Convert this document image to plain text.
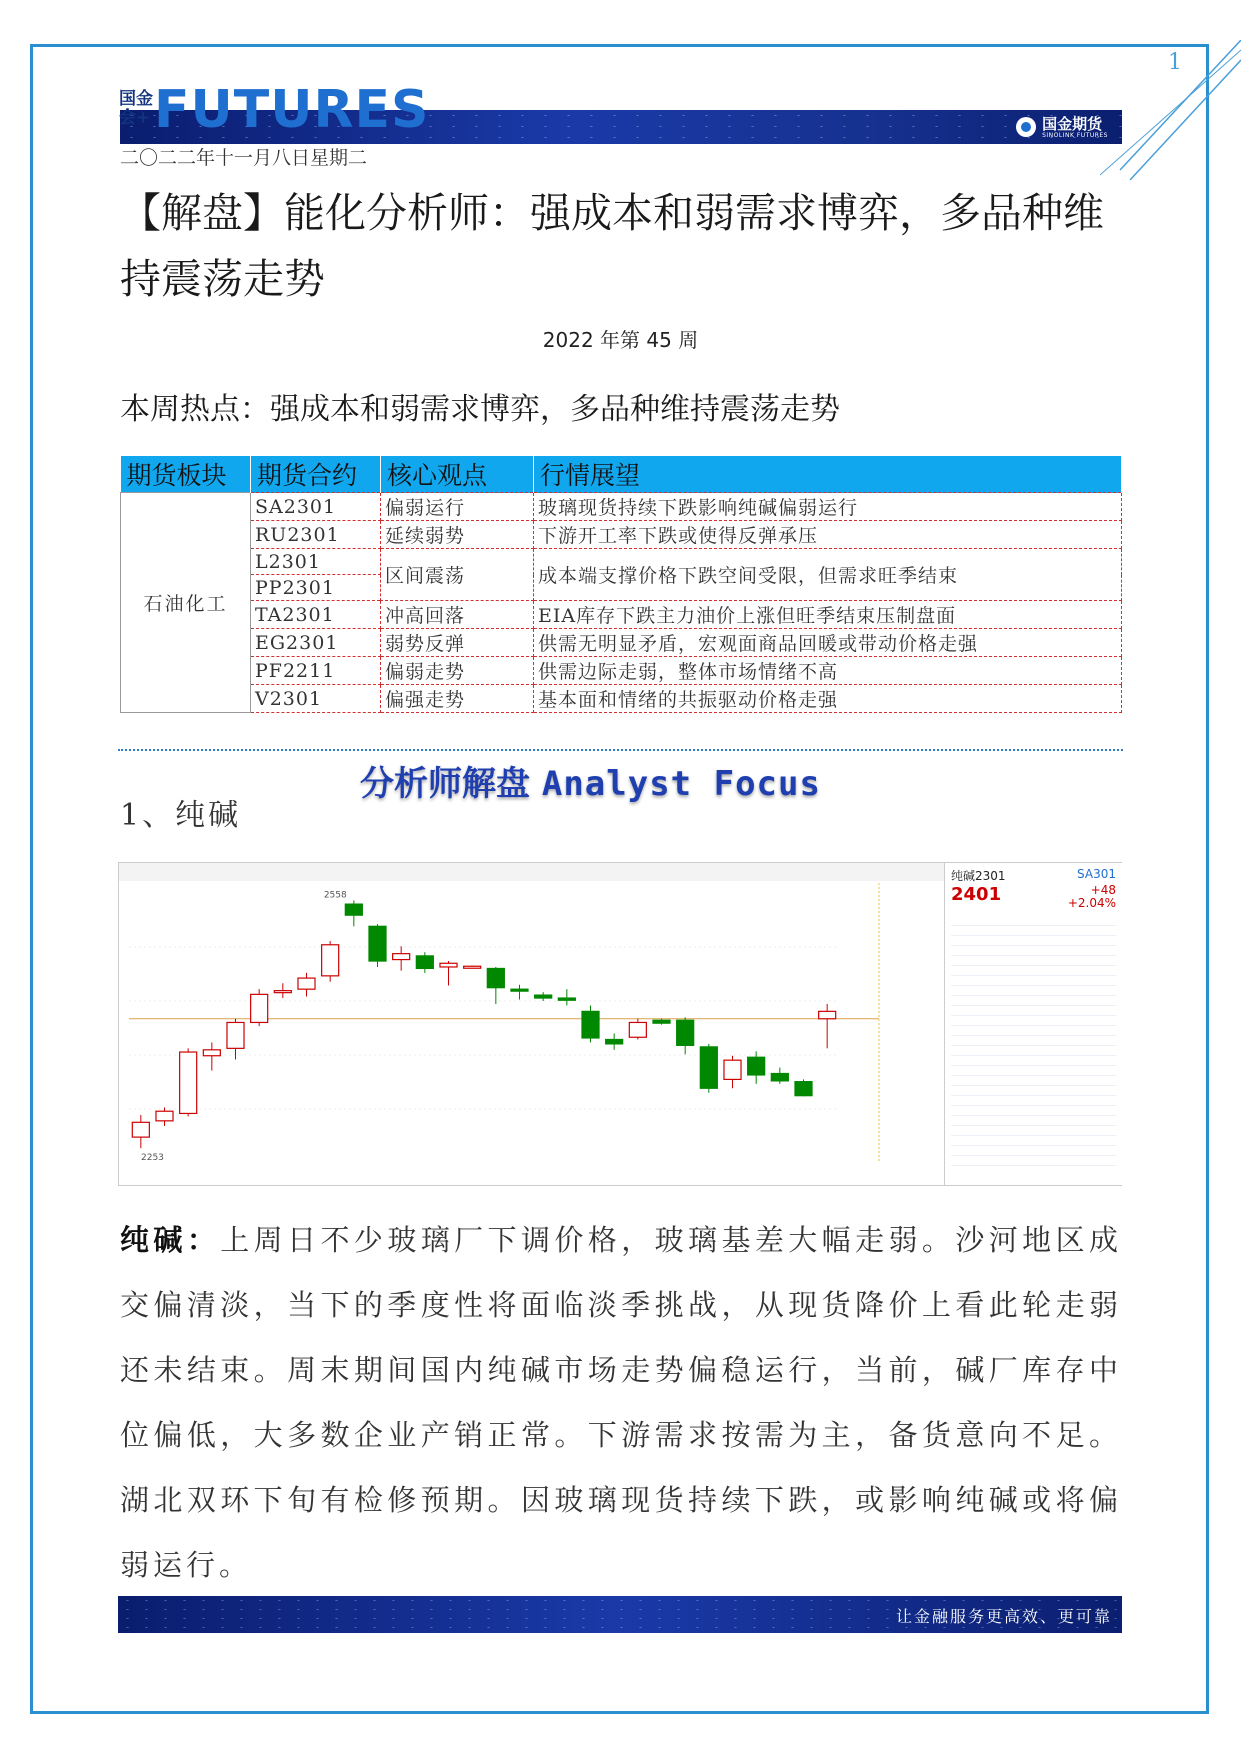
1
国金期货
SINOLINK FUTURES
国金会+ FUTURES
二〇二二年十一月八日星期二
【解盘】能化分析师：强成本和弱需求博弈，多品种维持震荡走势
2022 年第 45 周
本周热点：强成本和弱需求博弈，多品种维持震荡走势
期货板块	期货合约	核心观点	行情展望
石油化工	SA2301	偏弱运行	玻璃现货持续下跌影响纯碱偏弱运行
	RU2301	延续弱势	下游开工率下跌或使得反弹承压
	L2301	区间震荡	成本端支撑价格下跌空间受限，但需求旺季结束
	PP2301		
	TA2301	冲高回落	EIA库存下跌主力油价上涨但旺季结束压制盘面
	EG2301	弱势反弹	供需无明显矛盾，宏观面商品回暖或带动价格走强
	PF2211	偏弱走势	供需边际走弱，整体市场情绪不高
	V2301	偏强走势	基本面和情绪的共振驱动价格走强
分析师解盘 Analyst Focus
1、纯碱
2558
2253
纯碱2301	SA301
2401	+48
+2.04%
纯碱：上周日不少玻璃厂下调价格，玻璃基差大幅走弱。沙河地区成交偏清淡，当下的季度性将面临淡季挑战，从现货降价上看此轮走弱还未结束。周末期间国内纯碱市场走势偏稳运行，当前，碱厂库存中位偏低，大多数企业产销正常。下游需求按需为主，备货意向不足。湖北双环下旬有检修预期。因玻璃现货持续下跌，或影响纯碱或将偏弱运行。
让金融服务更高效、更可靠
